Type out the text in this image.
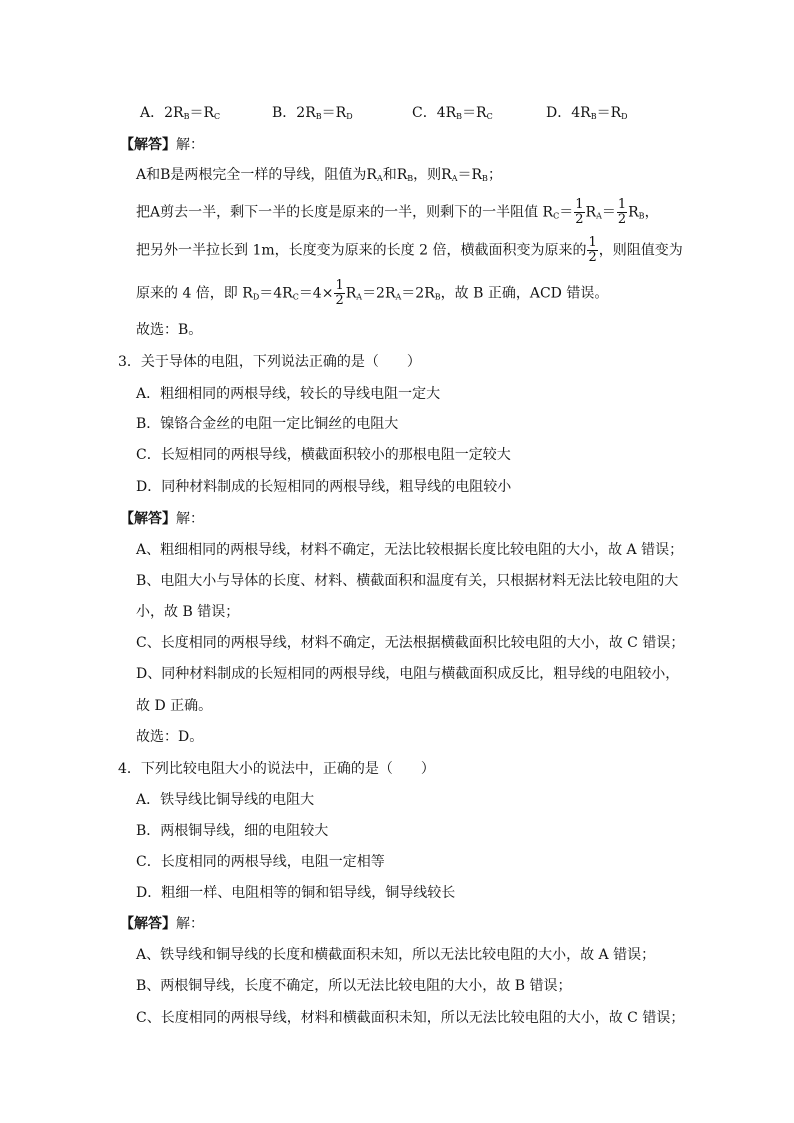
A．$2R_B=R_C$	B．$2R_B=R_D$	C．$4R_B=R_C$	D．$4R_B=R_D$
【解答】解：
A和B是两根完全一样的导线，阻值为$R_A$和$R_B$，则$R_A=R_B$；
把A剪去一半，剩下一半的长度是原来的一半，则剩下的一半阻值 $R_C= \frac{1}{2} R_A= \frac{1}{2} R_B$，
把另外一半拉长到 1m，长度变为原来的长度 2 倍，横截面积变为原来的 $\frac{1}{2}$ ，则阻值变为
原来的 4 倍，即 $R_D=4R_C=4\times \frac{1}{2} R_A=2R_A=2R_B$，故 B 正确，ACD 错误。
故选：B。
3．关于导体的电阻，下列说法正确的是（　　）
A．粗细相同的两根导线，较长的导线电阻一定大
B．镍铬合金丝的电阻一定比铜丝的电阻大
C．长短相同的两根导线，横截面积较小的那根电阻一定较大
D．同种材料制成的长短相同的两根导线，粗导线的电阻较小
【解答】解：
A、粗细相同的两根导线，材料不确定，无法比较根据长度比较电阻的大小，故 A 错误；
B、电阻大小与导体的长度、材料、横截面积和温度有关，只根据材料无法比较电阻的大
小，故 B 错误；
C、长度相同的两根导线，材料不确定，无法根据横截面积比较电阻的大小，故 C 错误；
D、同种材料制成的长短相同的两根导线，电阻与横截面积成反比，粗导线的电阻较小，
故 D 正确。
故选：D。
4．下列比较电阻大小的说法中，正确的是（　　）
A．铁导线比铜导线的电阻大
B．两根铜导线，细的电阻较大
C．长度相同的两根导线，电阻一定相等
D．粗细一样、电阻相等的铜和铝导线，铜导线较长
【解答】解：
A、铁导线和铜导线的长度和横截面积未知，所以无法比较电阻的大小，故 A 错误；
B、两根铜导线，长度不确定，所以无法比较电阻的大小，故 B 错误；
C、长度相同的两根导线，材料和横截面积未知，所以无法比较电阻的大小，故 C 错误；
